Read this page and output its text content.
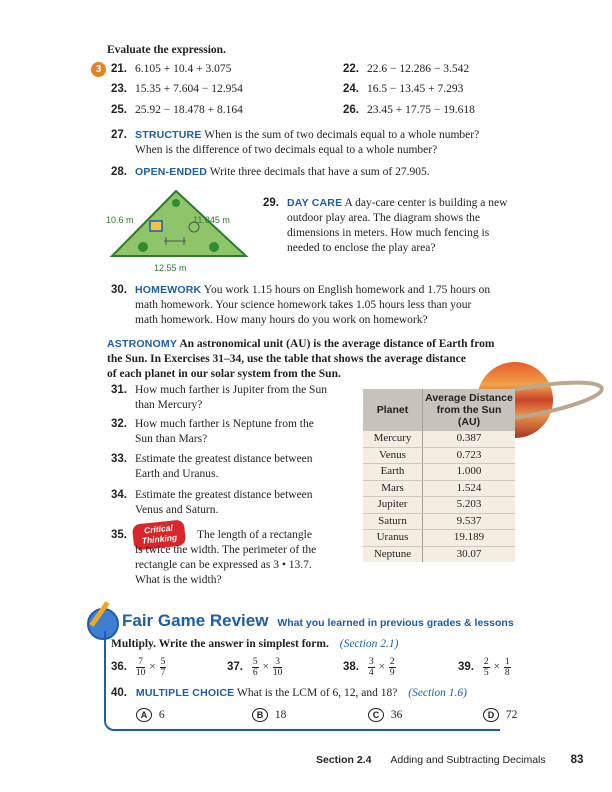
Evaluate the expression.
3 21. 6.105 + 10.4 + 3.075	22. 22.6 − 12.286 − 3.542
23. 15.35 + 7.604 − 12.954	24. 16.5 − 13.45 + 7.293
25. 25.92 − 18.478 + 8.164	26. 23.45 + 17.75 − 19.618
27. STRUCTURE When is the sum of two decimals equal to a whole number?
When is the difference of two decimals equal to a whole number?
28. OPEN-ENDED Write three decimals that have a sum of 27.905.
10.6 m	11.845 m
12.55 m
29. DAY CARE A day-care center is building a new
outdoor play area. The diagram shows the
dimensions in meters. How much fencing is
needed to enclose the play area?
30. HOMEWORK You work 1.15 hours on English homework and 1.75 hours on
math homework. Your science homework takes 1.05 hours less than your
math homework. How many hours do you work on homework?
ASTRONOMY An astronomical unit (AU) is the average distance of Earth from
the Sun. In Exercises 31–34, use the table that shows the average distance
of each planet in our solar system from the Sun.
31. How much farther is Jupiter from the Sun
than Mercury?
32. How much farther is Neptune from the
Sun than Mars?
33. Estimate the greatest distance between
Earth and Uranus.
34. Estimate the greatest distance between
Venus and Saturn.
35.	Critical
Thinking	The length of a rectangle
is twice the width. The perimeter of the
rectangle can be expressed as 3 • 13.7.
What is the width?
Planet	Average Distance
from the Sun
(AU)

Mercury	0.387
Venus	0.723
Earth	1.000
Mars	1.524
Jupiter	5.203
Saturn	9.537
Uranus	19.189
Neptune	30.07
Fair Game Review What you learned in previous grades & lessons
Multiply. Write the answer in simplest form. (Section 2.1)
36. $\frac{7}{10} \times \frac{5}{7}$	37. $\frac{5}{6} \times \frac{3}{10}$	38. $\frac{3}{4} \times \frac{2}{9}$	39. $\frac{2}{5} \times \frac{1}{8}$
40. MULTIPLE CHOICE What is the LCM of 6, 12, and 18? (Section 1.6)
A 6	B 18	C 36	D 72
Section 2.4 Adding and Subtracting Decimals 83
